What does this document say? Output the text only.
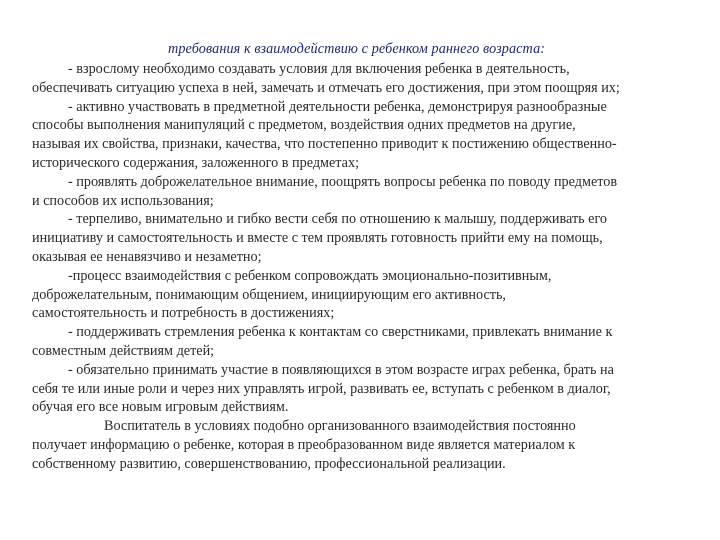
требования к взаимодействию с ребенком раннего возраста:
- взрослому необходимо создавать условия для включения ребенка в деятельность,
обеспечивать ситуацию успеха в ней, замечать и отмечать его достижения, при этом поощряя их;
- активно участвовать в предметной деятельности ребенка, демонстрируя разнообразные
способы выполнения манипуляций с предметом, воздействия одних предметов на другие,
называя их свойства, признаки, качества, что постепенно приводит к постижению общественно-
исторического содержания, заложенного в предметах;
- проявлять доброжелательное внимание, поощрять вопросы ребенка по поводу предметов
и способов их использования;
- терпеливо, внимательно и гибко вести себя по отношению к малышу, поддерживать его
инициативу и самостоятельность и вместе с тем проявлять готовность прийти ему на помощь,
оказывая ее ненавязчиво и незаметно;
-процесс взаимодействия с ребенком сопровождать эмоционально-позитивным,
доброжелательным, понимающим общением, инициирующим его активность,
самостоятельность и потребность в достижениях;
- поддерживать стремления ребенка к контактам со сверстниками, привлекать внимание к
совместным действиям детей;
- обязательно принимать участие в появляющихся в этом возрасте играх ребенка, брать на
себя те или иные роли и через них управлять игрой, развивать ее, вступать с ребенком в диалог,
обучая его все новым игровым действиям.
Воспитатель в условиях подобно организованного взаимодействия постоянно
получает информацию о ребенке, которая в преобразованном виде является материалом к
собственному развитию, совершенствованию, профессиональной реализации.
